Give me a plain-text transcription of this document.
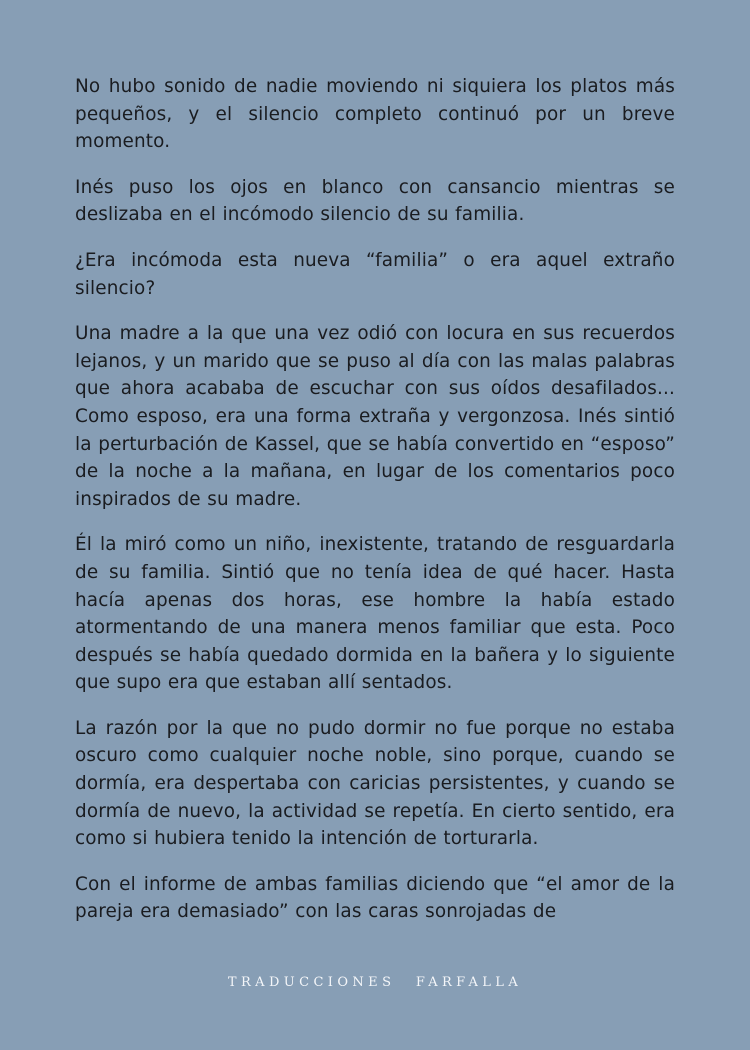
No hubo sonido de nadie moviendo ni siquiera los platos más pequeños, y el silencio completo continuó por un breve momento.

Inés puso los ojos en blanco con cansancio mientras se deslizaba en el incómodo silencio de su familia.

¿Era incómoda esta nueva “familia” o era aquel extraño silencio?

Una madre a la que una vez odió con locura en sus recuerdos lejanos, y un marido que se puso al día con las malas palabras que ahora acababa de escuchar con sus oídos desafilados... Como esposo, era una forma extraña y vergonzosa. Inés sintió la perturbación de Kassel, que se había convertido en “esposo” de la noche a la mañana, en lugar de los comentarios poco inspirados de su madre.

Él la miró como un niño, inexistente, tratando de resguardarla de su familia. Sintió que no tenía idea de qué hacer. Hasta hacía apenas dos horas, ese hombre la había estado atormentando de una manera menos familiar que esta. Poco después se había quedado dormida en la bañera y lo siguiente que supo era que estaban allí sentados.

La razón por la que no pudo dormir no fue porque no estaba oscuro como cualquier noche noble, sino porque, cuando se dormía, era despertaba con caricias persistentes, y cuando se dormía de nuevo, la actividad se repetía. En cierto sentido, era como si hubiera tenido la intención de torturarla.

Con el informe de ambas familias diciendo que “el amor de la pareja era demasiado” con las caras sonrojadas de

TRADUCCIONES FARFALLA
